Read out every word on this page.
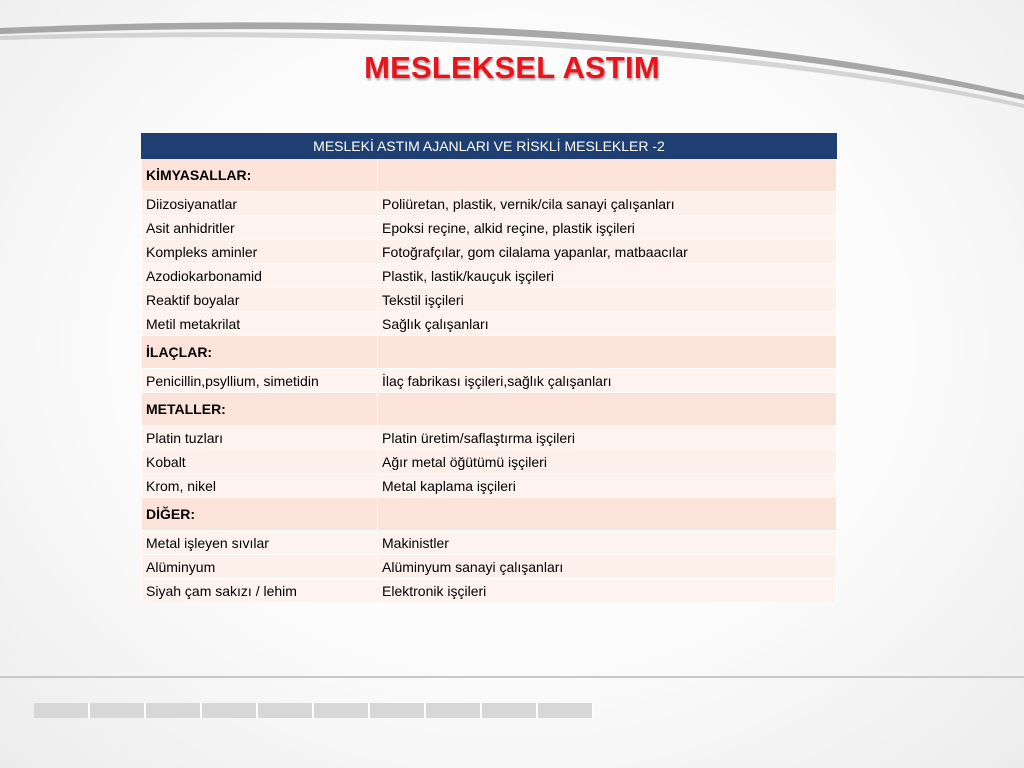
MESLEKSEL ASTIM
MESLEKİ ASTIM AJANLARI VE RİSKLİ MESLEKLER -2	
KİMYASALLAR:	
Diizosiyanatlar	Poliüretan, plastik, vernik/cila sanayi çalışanları
Asit anhidritler	Epoksi reçine, alkid reçine, plastik işçileri
Kompleks aminler	Fotoğrafçılar, gom cilalama yapanlar, matbaacılar
Azodiokarbonamid	Plastik, lastik/kauçuk işçileri
Reaktif boyalar	Tekstil işçileri
Metil metakrilat	Sağlık çalışanları
İLAÇLAR:	
Penicillin,psyllium, simetidin	İlaç fabrikası işçileri,sağlık çalışanları
METALLER:	
Platin tuzları	Platin üretim/saflaştırma işçileri
Kobalt	Ağır metal öğütümü işçileri
Krom, nikel	Metal kaplama işçileri
DİĞER:	
Metal işleyen sıvılar	Makinistler
Alüminyum	Alüminyum sanayi çalışanları
Siyah çam sakızı / lehim	Elektronik işçileri
